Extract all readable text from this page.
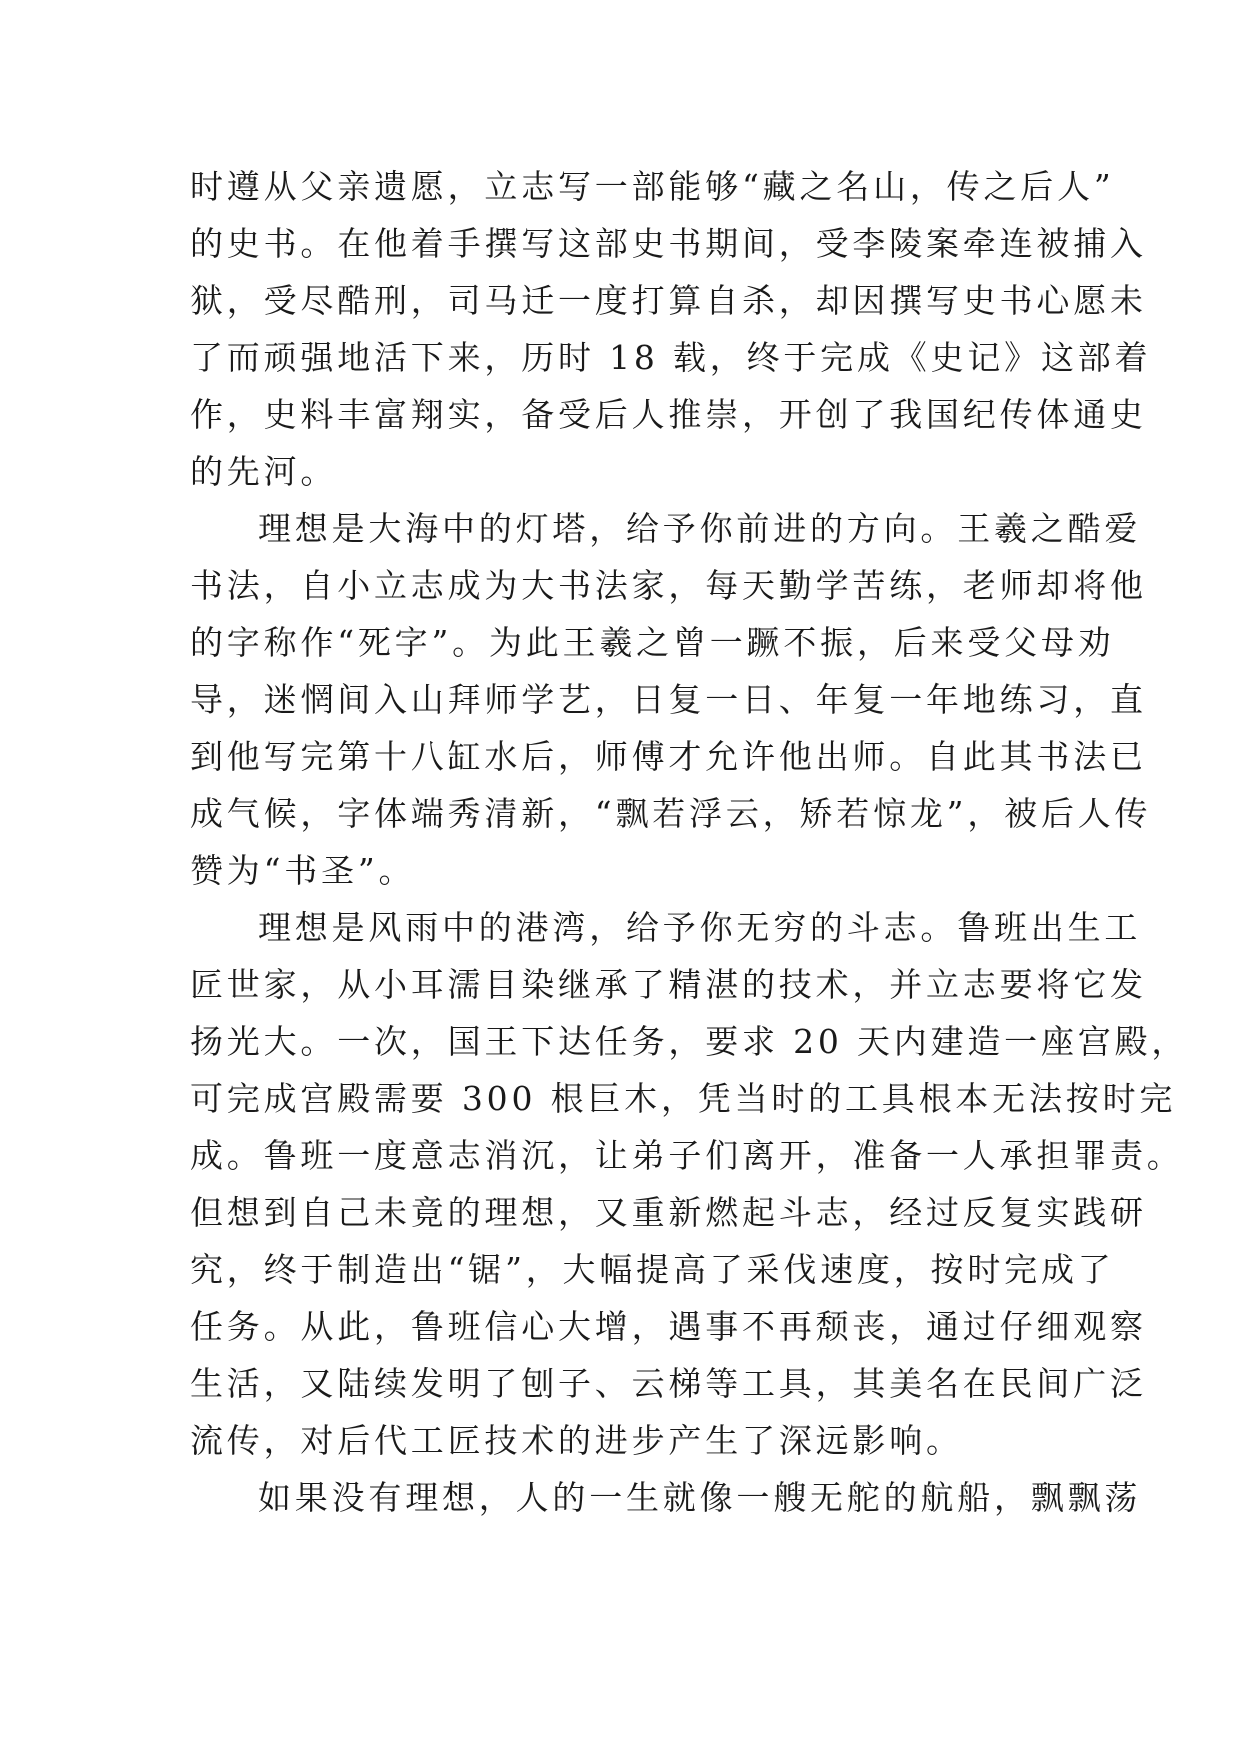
时遵从父亲遗愿，立志写一部能够“藏之名山，传之后人”
的史书。在他着手撰写这部史书期间，受李陵案牵连被捕入
狱，受尽酷刑，司马迁一度打算自杀，却因撰写史书心愿未
了而顽强地活下来，历时 18 载，终于完成《史记》这部着
作，史料丰富翔实，备受后人推崇，开创了我国纪传体通史
的先河。
理想是大海中的灯塔，给予你前进的方向。王羲之酷爱
书法，自小立志成为大书法家，每天勤学苦练，老师却将他
的字称作“死字”。为此王羲之曾一蹶不振，后来受父母劝
导，迷惘间入山拜师学艺，日复一日、年复一年地练习，直
到他写完第十八缸水后，师傅才允许他出师。自此其书法已
成气候，字体端秀清新，“飘若浮云，矫若惊龙”，被后人传
赞为“书圣”。
理想是风雨中的港湾，给予你无穷的斗志。鲁班出生工
匠世家，从小耳濡目染继承了精湛的技术，并立志要将它发
扬光大。一次，国王下达任务，要求 20 天内建造一座宫殿，
可完成宫殿需要 300 根巨木，凭当时的工具根本无法按时完
成。鲁班一度意志消沉，让弟子们离开，准备一人承担罪责。
但想到自己未竟的理想，又重新燃起斗志，经过反复实践研
究，终于制造出“锯”，大幅提高了采伐速度，按时完成了
任务。从此，鲁班信心大增，遇事不再颓丧，通过仔细观察
生活，又陆续发明了刨子、云梯等工具，其美名在民间广泛
流传，对后代工匠技术的进步产生了深远影响。
如果没有理想，人的一生就像一艘无舵的航船，飘飘荡
